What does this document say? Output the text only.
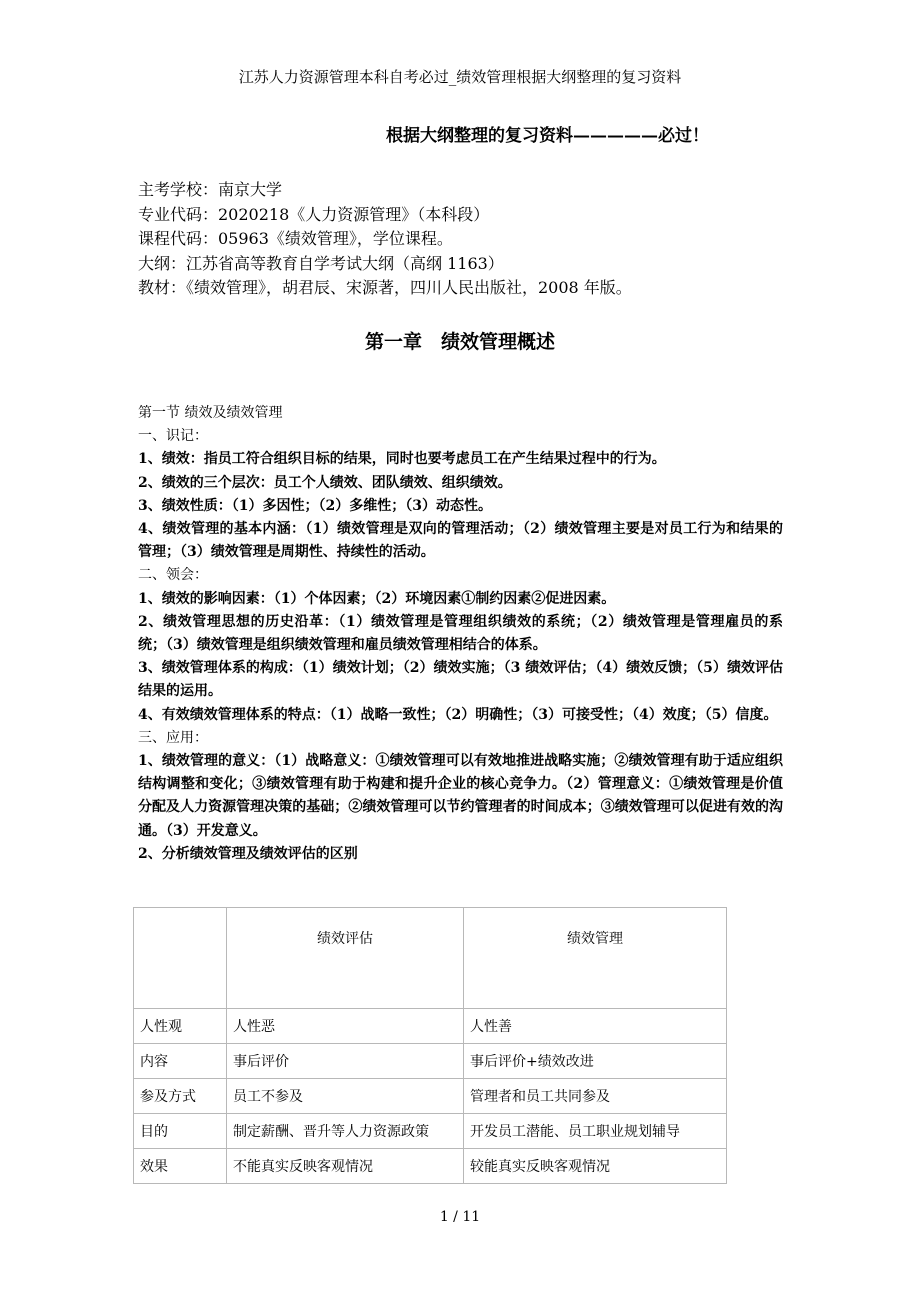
江苏人力资源管理本科自考必过_绩效管理根据大纲整理的复习资料
根据大纲整理的复习资料—————必过！
主考学校：南京大学
专业代码：2020218《人力资源管理》（本科段）
课程代码：05963《绩效管理》，学位课程。
大纲：江苏省高等教育自学考试大纲（高纲 1163）
教材：《绩效管理》，胡君辰、宋源著，四川人民出版社，2008 年版。
第一章　绩效管理概述
第一节 绩效及绩效管理
一、识记：
1、绩效：指员工符合组织目标的结果，同时也要考虑员工在产生结果过程中的行为。
2、绩效的三个层次：员工个人绩效、团队绩效、组织绩效。
3、绩效性质：（1）多因性；（2）多维性；（3）动态性。
4、绩效管理的基本内涵：（1）绩效管理是双向的管理活动；（2）绩效管理主要是对员工行为和结果的管理；（3）绩效管理是周期性、持续性的活动。
二、领会：
1、绩效的影响因素：（1）个体因素；（2）环境因素①制约因素②促进因素。
2、绩效管理思想的历史沿革：（1）绩效管理是管理组织绩效的系统；（2）绩效管理是管理雇员的系统；（3）绩效管理是组织绩效管理和雇员绩效管理相结合的体系。
3、绩效管理体系的构成：（1）绩效计划；（2）绩效实施；（3 绩效评估；（4）绩效反馈；（5）绩效评估结果的运用。
4、有效绩效管理体系的特点：（1）战略一致性；（2）明确性；（3）可接受性；（4）效度；（5）信度。
三、应用：
1、绩效管理的意义：（1）战略意义：①绩效管理可以有效地推进战略实施；②绩效管理有助于适应组织结构调整和变化；③绩效管理有助于构建和提升企业的核心竞争力。（2）管理意义：①绩效管理是价值分配及人力资源管理决策的基础；②绩效管理可以节约管理者的时间成本；③绩效管理可以促进有效的沟通。（3）开发意义。
2、分析绩效管理及绩效评估的区别
	绩效评估	绩效管理
人性观	人性恶	人性善
内容	事后评价	事后评价+绩效改进
参及方式	员工不参及	管理者和员工共同参及
目的	制定薪酬、晋升等人力资源政策	开发员工潜能、员工职业规划辅导
效果	不能真实反映客观情况	较能真实反映客观情况
1 / 11
